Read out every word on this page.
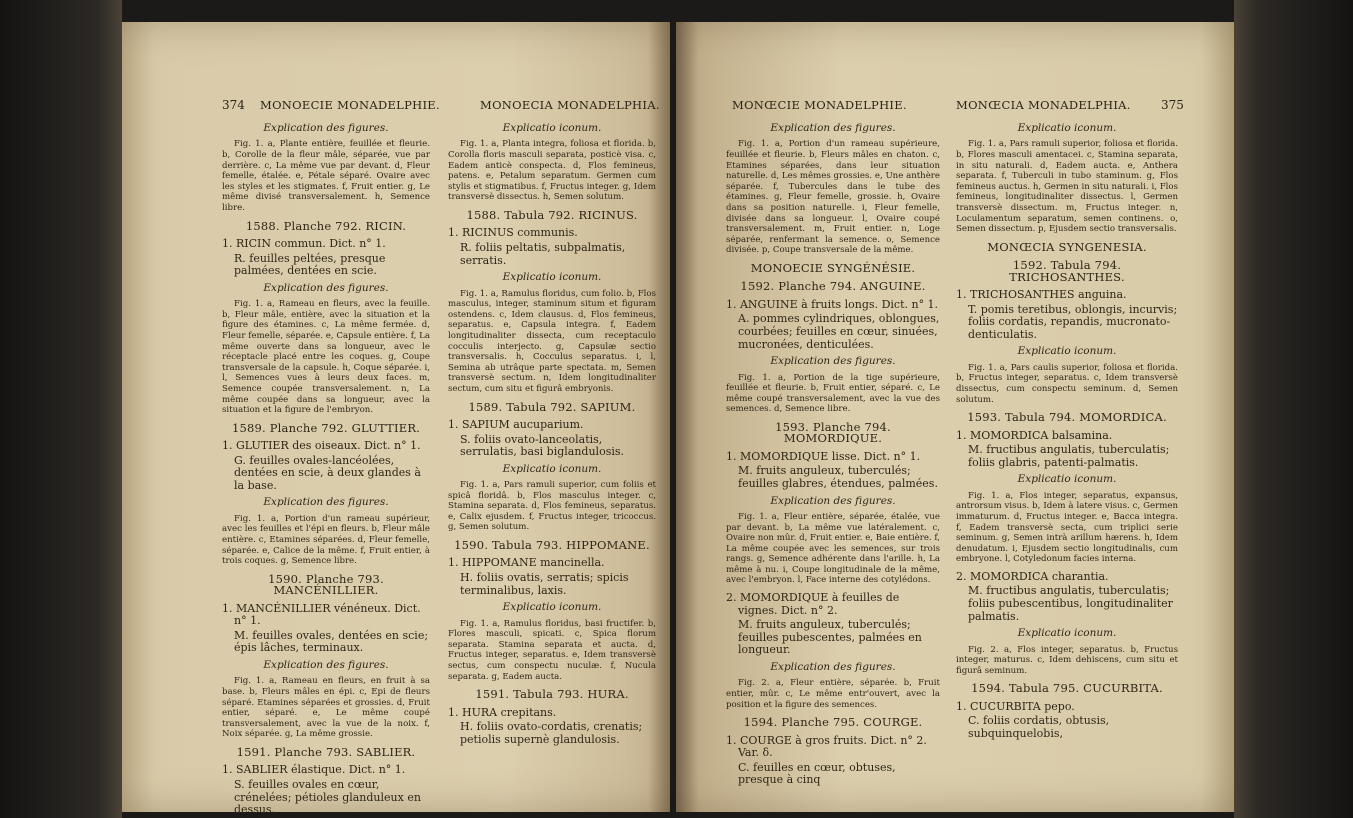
374 MONOECIE MONADELPHIE.	MONOECIA MONADELPHIA.
Explication des figures.
Fig. 1. a, Plante entière, feuillée et fleurie. b, Corolle de la fleur mâle, séparée, vue par derrière. c, La même vue par devant. d, Fleur femelle, étalée. e, Pétale séparé. Ovaire avec les styles et les stigmates. f, Fruit entier. g, Le même divisé transversalement. h, Semence libre.
1588. Planche 792. RICIN.
1. RICIN commun. Dict. n° 1.
R. feuilles peltées, presque palmées, dentées en scie.
Explication des figures.
Fig. 1. a, Rameau en fleurs, avec la feuille. b, Fleur mâle, entière, avec la situation et la figure des étamines. c, La même fermée. d, Fleur femelle, séparée. e, Capsule entière. f, La même ouverte dans sa longueur, avec le réceptacle placé entre les coques. g, Coupe transversale de la capsule. h, Coque séparée. i, l, Semences vues à leurs deux faces. m, Semence coupée transversalement. n, La même coupée dans sa longueur, avec la situation et la figure de l'embryon.
1589. Planche 792. GLUTTIER.
1. GLUTIER des oiseaux. Dict. n° 1.
G. feuilles ovales-lancéolées, dentées en scie, à deux glandes à la base.
Explication des figures.
Fig. 1. a, Portion d'un rameau supérieur, avec les feuilles et l'épi en fleurs. b, Fleur mâle entière. c, Etamines séparées. d, Fleur femelle, séparée. e, Calice de la même. f, Fruit entier, à trois coques. g, Semence libre.
1590. Planche 793. MANCÉNILLIER.
1. MANCÉNILLIER vénéneux. Dict. n° 1.
M. feuilles ovales, dentées en scie; épis lâches, terminaux.
Explication des figures.
Fig. 1. a, Rameau en fleurs, en fruit à sa base. b, Fleurs mâles en épi. c, Epi de fleurs séparé. Etamines séparées et grossies. d, Fruit entier, séparé. e, Le même coupé transversalement, avec la vue de la noix. f, Noix séparée. g, La même grossie.
1591. Planche 793. SABLIER.
1. SABLIER élastique. Dict. n° 1.
S. feuilles ovales en cœur, crénelées; pétioles glanduleux en dessus.
Explicatio iconum.
Fig. 1. a, Planta integra, foliosa et florida. b, Corolla floris masculi separata, posticè visa. c, Eadem anticè conspecta. d, Flos femineus, patens. e, Petalum separatum. Germen cum stylis et stigmatibus. f, Fructus integer. g, Idem transversè dissectus. h, Semen solutum.
1588. Tabula 792. RICINUS.
1. RICINUS communis.
R. foliis peltatis, subpalmatis, serratis.
Explicatio iconum.
Fig. 1. a, Ramulus floridus, cum folio. b, Flos masculus, integer, staminum situm et figuram ostendens. c, Idem clausus. d, Flos femineus, separatus. e, Capsula integra. f, Eadem longitudinaliter dissecta, cum receptaculo cocculis interjecto. g, Capsulæ sectio transversalis. h, Cocculus separatus. i, l, Semina ab utrâque parte spectata. m, Semen transversè sectum. n, Idem longitudinaliter sectum, cum situ et figurâ embryonis.
1589. Tabula 792. SAPIUM.
1. SAPIUM aucuparium.
S. foliis ovato-lanceolatis, serrulatis, basi biglandulosis.
Explicatio iconum.
Fig. 1. a, Pars ramuli superior, cum foliis et spicâ floridâ. b, Flos masculus integer. c, Stamina separata. d, Flos femineus, separatus. e, Calix ejusdem. f, Fructus integer, tricoccus. g, Semen solutum.
1590. Tabula 793. HIPPOMANE.
1. HIPPOMANE mancinella.
H. foliis ovatis, serratis; spicis terminalibus, laxis.
Explicatio iconum.
Fig. 1. a, Ramulus floridus, basi fructifer. b, Flores masculi, spicati. c, Spica florum separata. Stamina separata et aucta. d, Fructus integer, separatus. e, Idem transversè sectus, cum conspectu nuculæ. f, Nucula separata. g, Eadem aucta.
1591. Tabula 793. HURA.
1. HURA crepitans.
H. foliis ovato-cordatis, crenatis; petiolis supernè glandulosis.
MONŒCIE MONADELPHIE.	MONŒCIA MONADELPHIA.	375
Explication des figures.
Fig. 1. a, Portion d'un rameau supérieure, feuillée et fleurie. b, Fleurs mâles en chaton. c, Etamines séparées, dans leur situation naturelle. d, Les mêmes grossies. e, Une anthère séparée. f, Tubercules dans le tube des étamines. g, Fleur femelle, grossie. h, Ovaire dans sa position naturelle. i, Fleur femelle, divisée dans sa longueur. l, Ovaire coupé transversalement. m, Fruit entier. n, Loge séparée, renfermant la semence. o, Semence divisée. p, Coupe transversale de la même.
MONOECIE SYNGÉNÉSIE.
1592. Planche 794. ANGUINE.
1. ANGUINE à fruits longs. Dict. n° 1.
A. pommes cylindriques, oblongues, courbées; feuilles en cœur, sinuées, mucronées, denticulées.
Explication des figures.
Fig. 1. a, Portion de la tige supérieure, feuillée et fleurie. b, Fruit entier, séparé. c, Le même coupé transversalement, avec la vue des semences. d, Semence libre.
1593. Planche 794. MOMORDIQUE.
1. MOMORDIQUE lisse. Dict. n° 1.
M. fruits anguleux, tuberculés; feuilles glabres, étendues, palmées.
Explication des figures.
Fig. 1. a, Fleur entière, séparée, étalée, vue par devant. b, La même vue latéralement. c, Ovaire non mûr. d, Fruit entier. e, Baie entière. f, La même coupée avec les semences, sur trois rangs. g, Semence adhérente dans l'arille. h, La même à nu. i, Coupe longitudinale de la même, avec l'embryon. l, Face interne des cotylédons.
2. MOMORDIQUE à feuilles de vignes. Dict. n° 2.
M. fruits anguleux, tuberculés; feuilles pubescentes, palmées en longueur.
Explication des figures.
Fig. 2. a, Fleur entière, séparée. b, Fruit entier, mûr. c, Le même entr'ouvert, avec la position et la figure des semences.
1594. Planche 795. COURGE.
1. COURGE à gros fruits. Dict. n° 2. Var. δ.
C. feuilles en cœur, obtuses, presque à cinq
Explicatio iconum.
Fig. 1. a, Pars ramuli superior, foliosa et florida. b, Flores masculi amentacei. c, Stamina separata, in situ naturali. d, Eadem aucta. e, Anthera separata. f, Tuberculi in tubo staminum. g, Flos femineus auctus. h, Germen in situ naturali. i, Flos femineus, longitudinaliter dissectus. l, Germen transversè dissectum. m, Fructus integer. n, Loculamentum separatum, semen continens. o, Semen dissectum. p, Ejusdem sectio transversalis.
MONŒCIA SYNGENESIA.
1592. Tabula 794. TRICHOSANTHES.
1. TRICHOSANTHES anguina.
T. pomis teretibus, oblongis, incurvis; foliis cordatis, repandis, mucronato-denticulatis.
Explicatio iconum.
Fig. 1. a, Pars caulis superior, foliosa et florida. b, Fructus integer, separatus. c, Idem transversè dissectus, cum conspectu seminum. d, Semen solutum.
1593. Tabula 794. MOMORDICA.
1. MOMORDICA balsamina.
M. fructibus angulatis, tuberculatis; foliis glabris, patenti-palmatis.
Explicatio iconum.
Fig. 1. a, Flos integer, separatus, expansus, antrorsum visus. b, Idem à latere visus. c, Germen immaturum. d, Fructus integer. e, Bacca integra. f, Eadem transversè secta, cum triplici serie seminum. g, Semen intrà arillum hærens. h, Idem denudatum. i, Ejusdem sectio longitudinalis, cum embryone. l, Cotyledonum facies interna.
2. MOMORDICA charantia.
M. fructibus angulatis, tuberculatis; foliis pubescentibus, longitudinaliter palmatis.
Explicatio iconum.
Fig. 2. a, Flos integer, separatus. b, Fructus integer, maturus. c, Idem dehiscens, cum situ et figurâ seminum.
1594. Tabula 795. CUCURBITA.
1. CUCURBITA pepo.
C. foliis cordatis, obtusis, subquinquelobis,
